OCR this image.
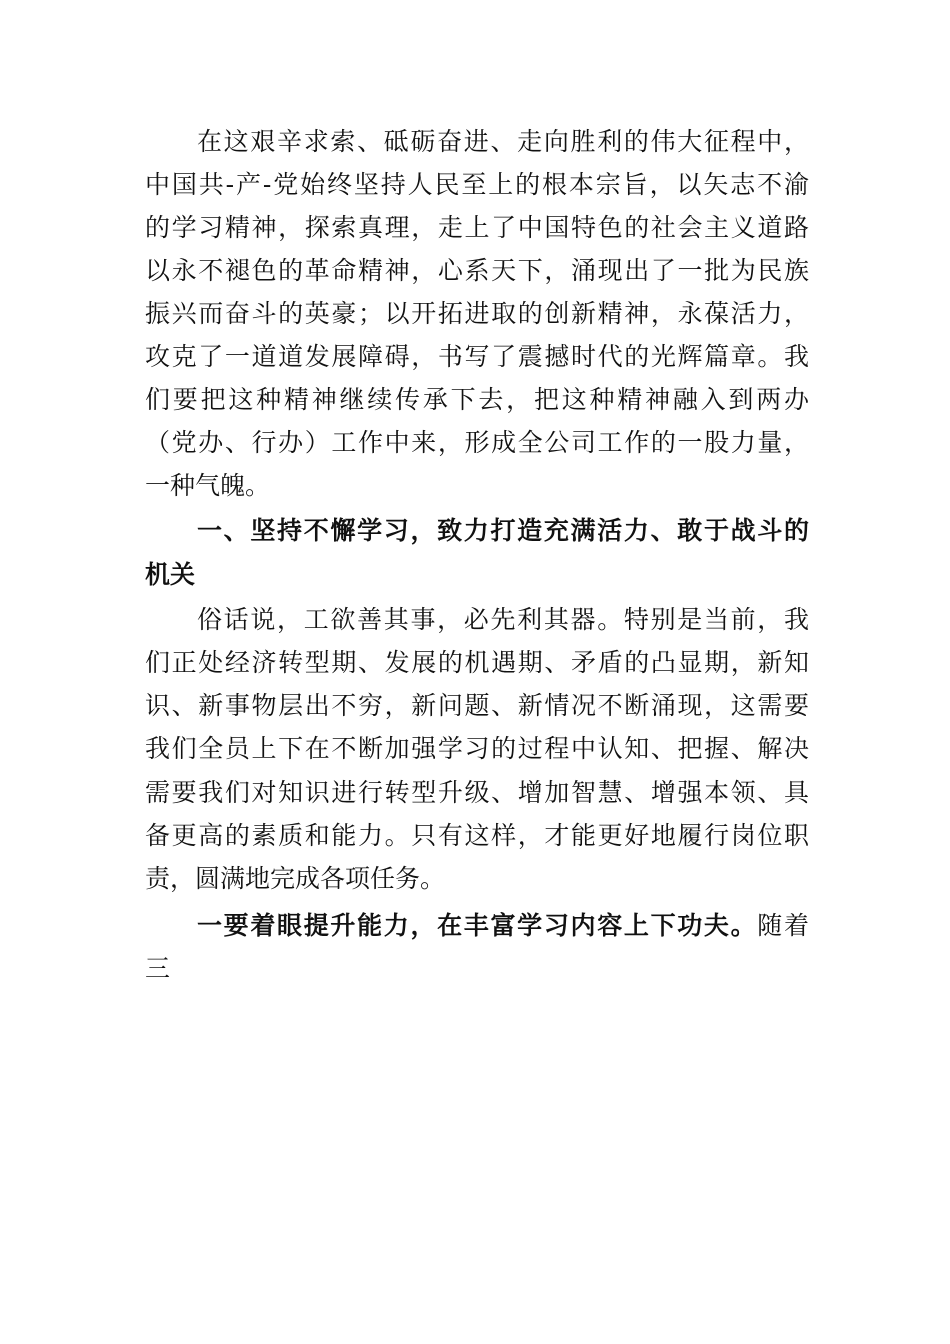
在这艰辛求索、砥砺奋进、走向胜利的伟大征程中，
中国共-产-党始终坚持人民至上的根本宗旨，以矢志不渝
的学习精神，探索真理，走上了中国特色的社会主义道路
以永不褪色的革命精神，心系天下，涌现出了一批为民族
振兴而奋斗的英豪；以开拓进取的创新精神，永葆活力，
攻克了一道道发展障碍，书写了震撼时代的光辉篇章。我
们要把这种精神继续传承下去，把这种精神融入到两办
（党办、行办）工作中来，形成全公司工作的一股力量，
一种气魄。
一、坚持不懈学习，致力打造充满活力、敢于战斗的
机关
俗话说，工欲善其事，必先利其器。特别是当前，我
们正处经济转型期、发展的机遇期、矛盾的凸显期，新知
识、新事物层出不穷，新问题、新情况不断涌现，这需要
我们全员上下在不断加强学习的过程中认知、把握、解决
需要我们对知识进行转型升级、增加智慧、增强本领、具
备更高的素质和能力。只有这样，才能更好地履行岗位职
责，圆满地完成各项任务。
一要着眼提升能力，在丰富学习内容上下功夫。随着
三
